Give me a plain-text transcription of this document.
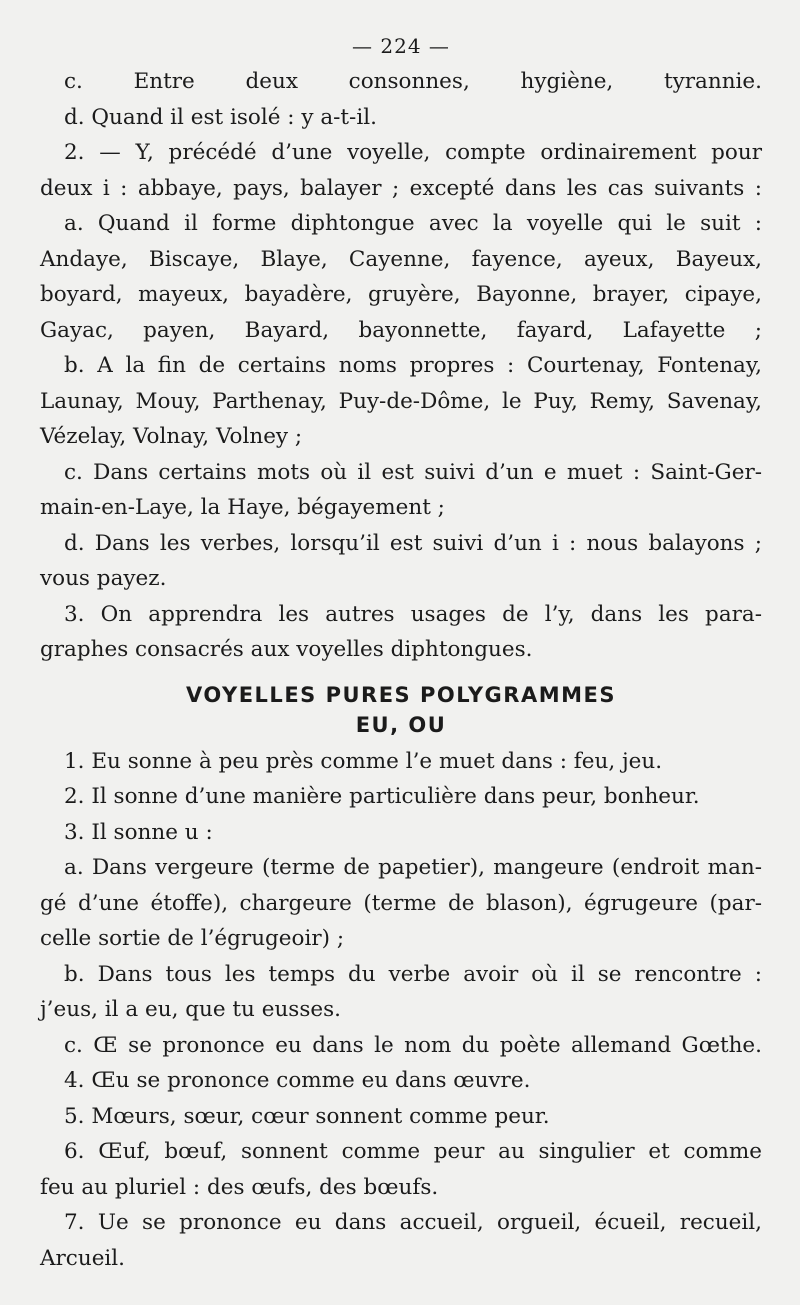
— 224 —
c. Entre deux consonnes, hygiène, tyrannie.
d. Quand il est isolé : y a-t-il.
2. — Y, précédé d’une voyelle, compte ordinairement pour
deux i : abbaye, pays, balayer ; excepté dans les cas suivants :
a. Quand il forme diphtongue avec la voyelle qui le suit :
Andaye, Biscaye, Blaye, Cayenne, fayence, ayeux, Bayeux,
boyard, mayeux, bayadère, gruyère, Bayonne, brayer, cipaye,
Gayac, payen, Bayard, bayonnette, fayard, Lafayette ;
b. A la fin de certains noms propres : Courtenay, Fontenay,
Launay, Mouy, Parthenay, Puy-de-Dôme, le Puy, Remy, Savenay,
Vézelay, Volnay, Volney ;
c. Dans certains mots où il est suivi d’un e muet : Saint-Ger-
main-en-Laye, la Haye, bégayement ;
d. Dans les verbes, lorsqu’il est suivi d’un i : nous balayons ;
vous payez.
3. On apprendra les autres usages de l’y, dans les para-
graphes consacrés aux voyelles diphtongues.
VOYELLES PURES POLYGRAMMES
EU, OU
1. Eu sonne à peu près comme l’e muet dans : feu, jeu.
2. Il sonne d’une manière particulière dans peur, bonheur.
3. Il sonne u :
a. Dans vergeure (terme de papetier), mangeure (endroit man-
gé d’une étoffe), chargeure (terme de blason), égrugeure (par-
celle sortie de l’égrugeoir) ;
b. Dans tous les temps du verbe avoir où il se rencontre :
j’eus, il a eu, que tu eusses.
c. Œ se prononce eu dans le nom du poète allemand Gœthe.
4. Œu se prononce comme eu dans œuvre.
5. Mœurs, sœur, cœur sonnent comme peur.
6. Œuf, bœuf, sonnent comme peur au singulier et comme
feu au pluriel : des œufs, des bœufs.
7. Ue se prononce eu dans accueil, orgueil, écueil, recueil,
Arcueil.
